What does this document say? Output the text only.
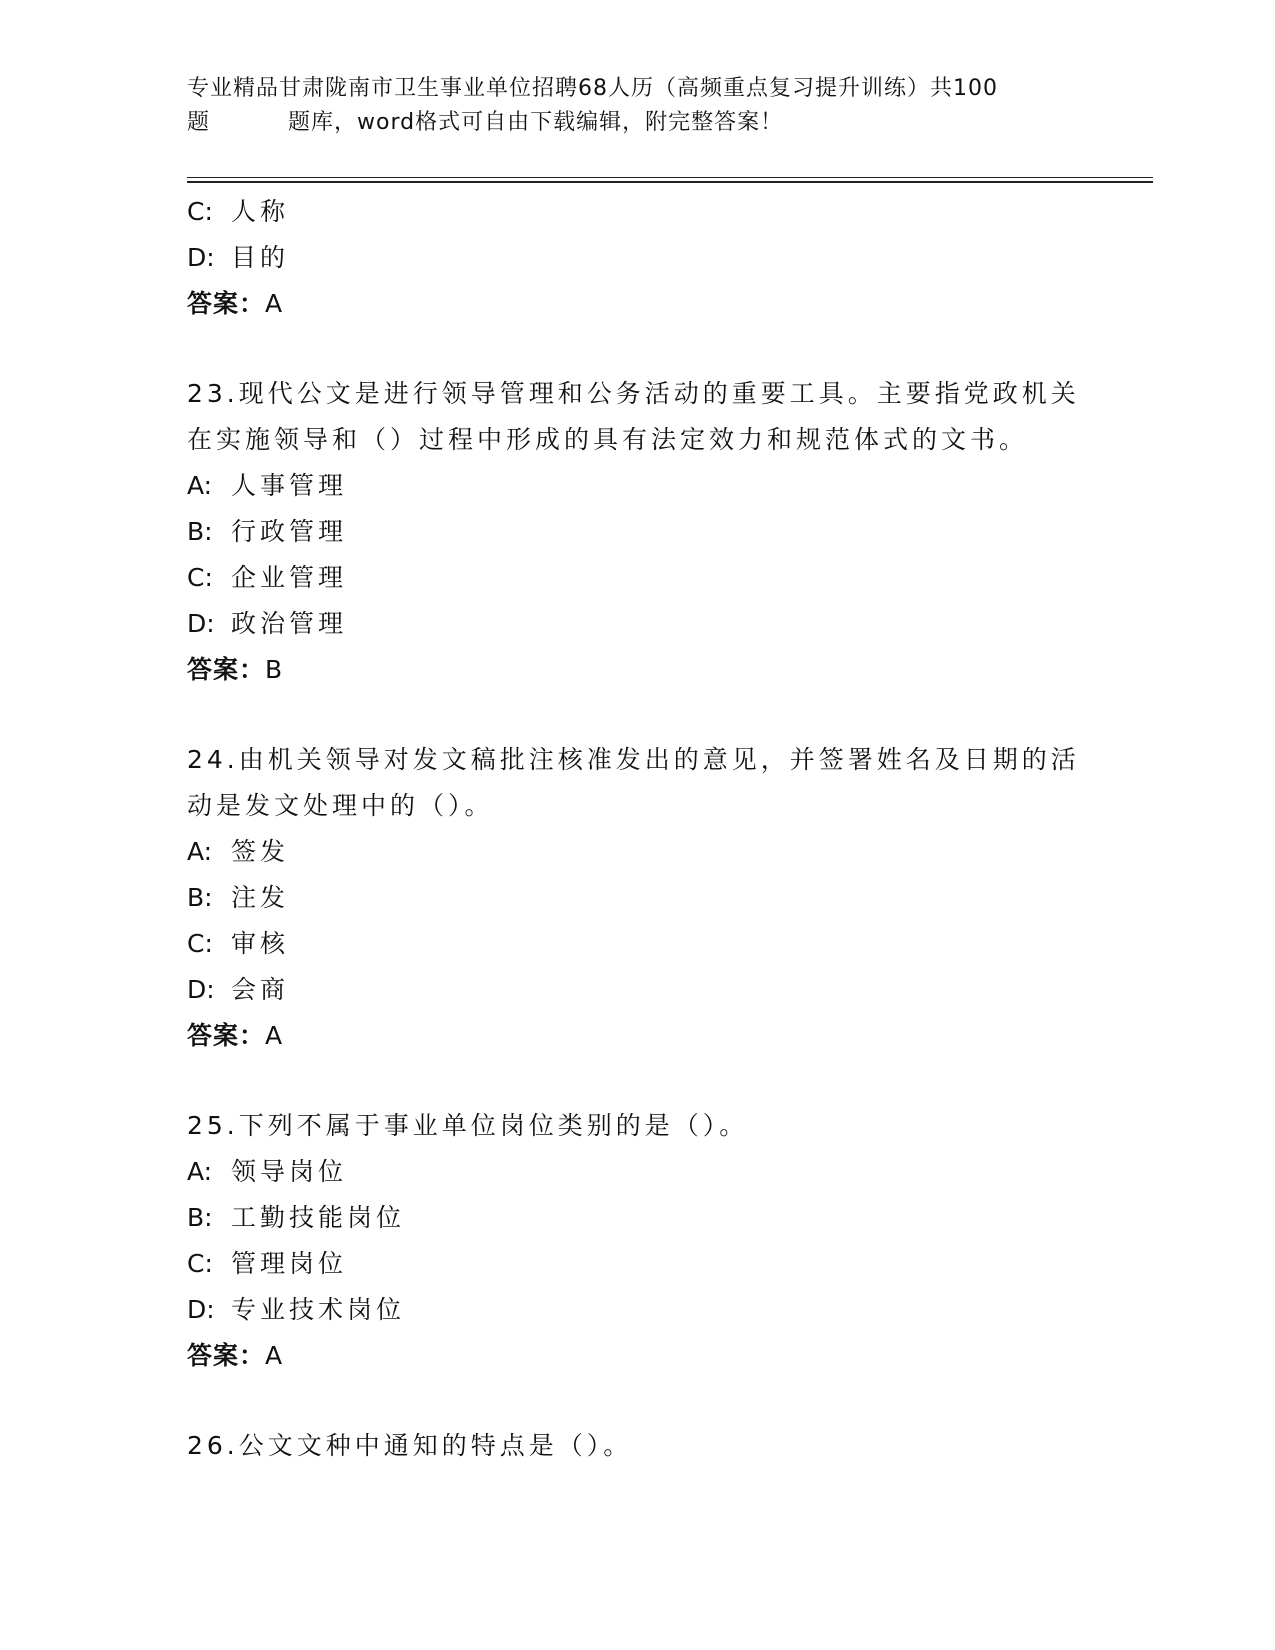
专业精品甘肃陇南市卫生事业单位招聘68人历（高频重点复习提升训练）共100
题	题库，word格式可自由下载编辑，附完整答案！
C: 人称
D: 目的
答案：A
23.现代公文是进行领导管理和公务活动的重要工具。主要指党政机关
在实施领导和（）过程中形成的具有法定效力和规范体式的文书。
A: 人事管理
B: 行政管理
C: 企业管理
D: 政治管理
答案：B
24.由机关领导对发文稿批注核准发出的意见，并签署姓名及日期的活
动是发文处理中的（）。
A: 签发
B: 注发
C: 审核
D: 会商
答案：A
25.下列不属于事业单位岗位类别的是（）。
A: 领导岗位
B: 工勤技能岗位
C: 管理岗位
D: 专业技术岗位
答案：A
26.公文文种中通知的特点是（）。
